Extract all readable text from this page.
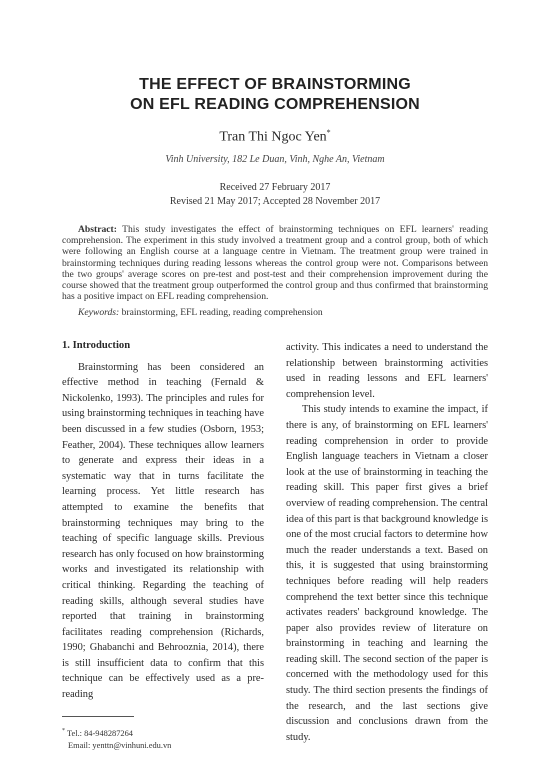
THE EFFECT OF BRAINSTORMING
ON EFL READING COMPREHENSION
Tran Thi Ngoc Yen*
Vinh University, 182 Le Duan, Vinh, Nghe An, Vietnam
Received 27 February 2017
Revised 21 May 2017; Accepted 28 November 2017
Abstract: This study investigates the effect of brainstorming techniques on EFL learners' reading comprehension. The experiment in this study involved a treatment group and a control group, both of which were following an English course at a language centre in Vietnam. The treatment group were trained in brainstorming techniques during reading lessons whereas the control group were not. Comparisons between the two groups' average scores on pre-test and post-test and their comprehension improvement during the course showed that the treatment group outperformed the control group and thus confirmed that brainstorming has a positive impact on EFL reading comprehension.
Keywords: brainstorming, EFL reading, reading comprehension
1. Introduction

Brainstorming has been considered an effective method in teaching (Fernald & Nickolenko, 1993). The principles and rules for using brainstorming techniques in teaching have been discussed in a few studies (Osborn, 1953; Feather, 2004). These techniques allow learners to generate and express their ideas in a systematic way that in turns facilitate the learning process. Yet little research has attempted to examine the benefits that brainstorming techniques may bring to the teaching of specific language skills. Previous research has only focused on how brainstorming works and investigated its relationship with critical thinking. Regarding the teaching of reading skills, although several studies have reported that training in brainstorming facilitates reading comprehension (Richards, 1990; Ghabanchi and Behrooznia, 2014), there is still insufficient data to confirm that this technique can be effectively used as a pre-reading

activity. This indicates a need to understand the relationship between brainstorming activities used in reading lessons and EFL learners' comprehension level.

This study intends to examine the impact, if there is any, of brainstorming on EFL learners' reading comprehension in order to provide English language teachers in Vietnam a closer look at the use of brainstorming in teaching the reading skill. This paper first gives a brief overview of reading comprehension. The central idea of this part is that background knowledge is one of the most crucial factors to determine how much the reader understands a text. Based on this, it is suggested that using brainstorming techniques before reading will help readers comprehend the text better since this technique activates readers' background knowledge. The paper also provides review of literature on brainstorming in teaching and learning the reading skill. The second section of the paper is concerned with the methodology used for this study. The third section presents the findings of the research, and the last sections give discussion and conclusions drawn from the study.

* Tel.: 84-948287264
Email: yenttn@vinhuni.edu.vn
